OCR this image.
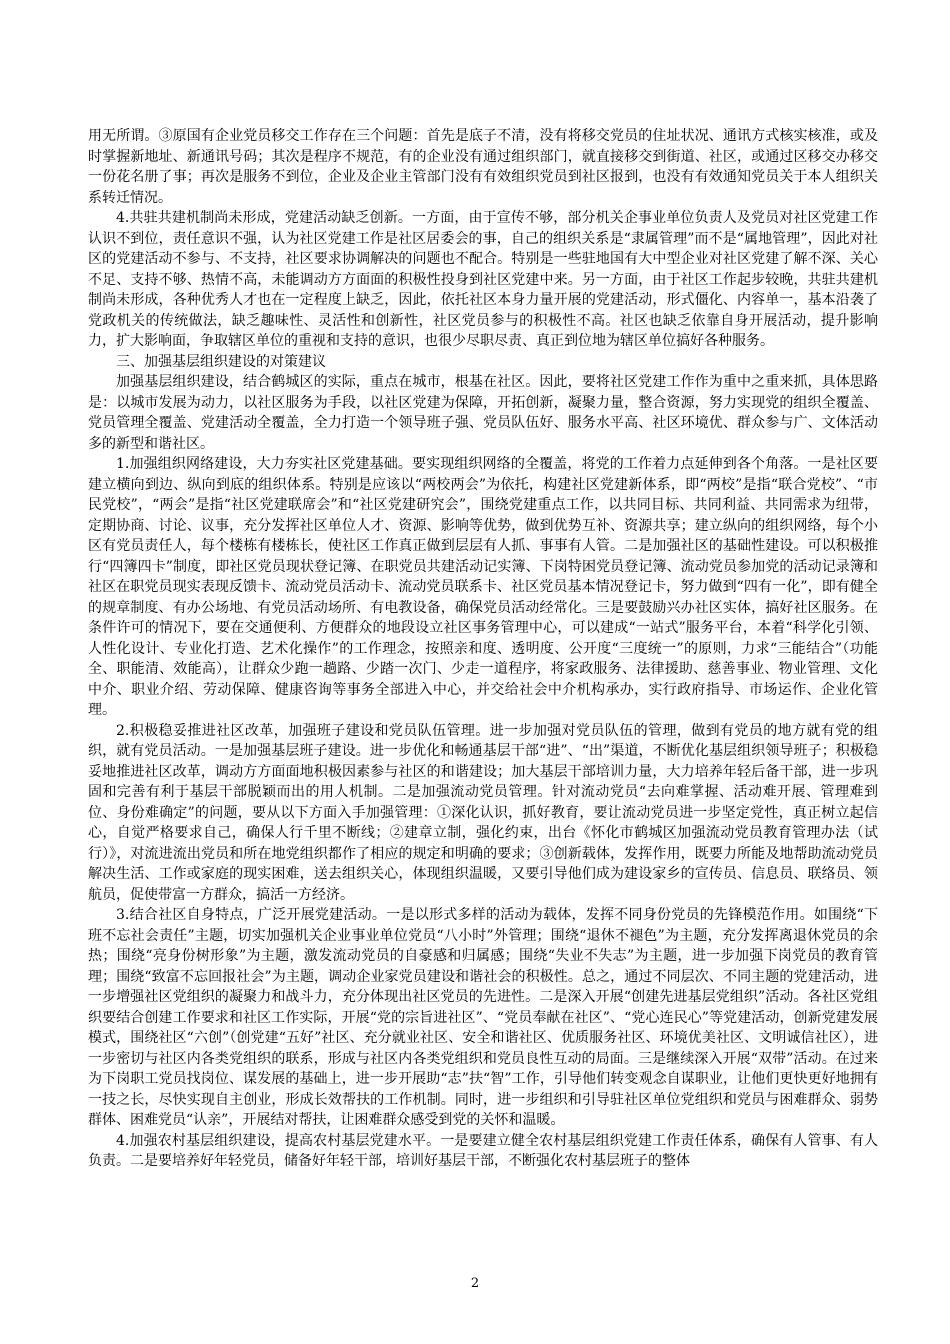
用无所谓。③原国有企业党员移交工作存在三个问题：首先是底子不清，没有将移交党员的住址状况、通讯方式核实核准，或及时掌握新地址、新通讯号码；其次是程序不规范，有的企业没有通过组织部门，就直接移交到街道、社区，或通过区移交办移交一份花名册了事；再次是服务不到位，企业及企业主管部门没有有效组织党员到社区报到，也没有有效通知党员关于本人组织关系转迁情况。

4.共驻共建机制尚未形成，党建活动缺乏创新。一方面，由于宣传不够，部分机关企事业单位负责人及党员对社区党建工作认识不到位，责任意识不强，认为社区党建工作是社区居委会的事，自己的组织关系是“隶属管理”而不是“属地管理”，因此对社区的党建活动不参与、不支持，社区要求协调解决的问题也不配合。特别是一些驻地国有大中型企业对社区党建了解不深、关心不足、支持不够、热情不高，未能调动方方面面的积极性投身到社区党建中来。另一方面，由于社区工作起步较晚，共驻共建机制尚未形成，各种优秀人才也在一定程度上缺乏，因此，依托社区本身力量开展的党建活动，形式僵化、内容单一，基本沿袭了党政机关的传统做法，缺乏趣味性、灵活性和创新性，社区党员参与的积极性不高。社区也缺乏依靠自身开展活动，提升影响力，扩大影响面，争取辖区单位的重视和支持的意识，也很少尽职尽责、真正到位地为辖区单位搞好各种服务。

三、加强基层组织建设的对策建议

加强基层组织建设，结合鹤城区的实际，重点在城市，根基在社区。因此，要将社区党建工作作为重中之重来抓，具体思路是：以城市发展为动力，以社区服务为手段，以社区党建为保障，开拓创新，凝聚力量，整合资源，努力实现党的组织全覆盖、党员管理全覆盖、党建活动全覆盖，全力打造一个领导班子强、党员队伍好、服务水平高、社区环境优、群众参与广、文体活动多的新型和谐社区。

1.加强组织网络建设，大力夯实社区党建基础。要实现组织网络的全覆盖，将党的工作着力点延伸到各个角落。一是社区要建立横向到边、纵向到底的组织体系。特别是应该以“两校两会”为依托，构建社区党建新体系，即“两校”是指“联合党校”、“市民党校”，“两会”是指“社区党建联席会”和“社区党建研究会”，围绕党建重点工作，以共同目标、共同利益、共同需求为纽带，定期协商、讨论、议事，充分发挥社区单位人才、资源、影响等优势，做到优势互补、资源共享；建立纵向的组织网络，每个小区有党员责任人，每个楼栋有楼栋长，使社区工作真正做到层层有人抓、事事有人管。二是加强社区的基础性建设。可以积极推行“四簿四卡”制度，即社区党员现状登记簿、在职党员共建活动记实簿、下岗特困党员登记簿、流动党员参加党的活动记录簿和社区在职党员现实表现反馈卡、流动党员活动卡、流动党员联系卡、社区党员基本情况登记卡，努力做到“四有一化”，即有健全的规章制度、有办公场地、有党员活动场所、有电教设备，确保党员活动经常化。三是要鼓励兴办社区实体，搞好社区服务。在条件许可的情况下，要在交通便利、方便群众的地段设立社区事务管理中心，可以建成“一站式”服务平台，本着“科学化引领、人性化设计、专业化打造、艺术化操作”的工作理念，按照亲和度、透明度、公开度“三度统一”的原则，力求“三能结合”（功能全、职能清、效能高），让群众少跑一趟路、少踏一次门、少走一道程序，将家政服务、法律援助、慈善事业、物业管理、文化中介、职业介绍、劳动保障、健康咨询等事务全部进入中心，并交给社会中介机构承办，实行政府指导、市场运作、企业化管理。

2.积极稳妥推进社区改革，加强班子建设和党员队伍管理。进一步加强对党员队伍的管理，做到有党员的地方就有党的组织，就有党员活动。一是加强基层班子建设。进一步优化和畅通基层干部“进”、“出”渠道，不断优化基层组织领导班子；积极稳妥地推进社区改革，调动方方面面地积极因素参与社区的和谐建设；加大基层干部培训力量，大力培养年轻后备干部，进一步巩固和完善有利于基层干部脱颖而出的用人机制。二是加强流动党员管理。针对流动党员“去向难掌握、活动难开展、管理难到位、身份难确定”的问题，要从以下方面入手加强管理：①深化认识，抓好教育，要让流动党员进一步坚定党性，真正树立起信心，自觉严格要求自己，确保人行千里不断线；②建章立制，强化约束，出台《怀化市鹤城区加强流动党员教育管理办法（试行）》，对流进流出党员和所在地党组织都作了相应的规定和明确的要求；③创新载体，发挥作用，既要力所能及地帮助流动党员解决生活、工作或家庭的现实困难，送去组织关心，体现组织温暖，又要引导他们成为建设家乡的宣传员、信息员、联络员、领航员，促使带富一方群众，搞活一方经济。

3.结合社区自身特点，广泛开展党建活动。一是以形式多样的活动为载体，发挥不同身份党员的先锋模范作用。如围绕“下班不忘社会责任”主题，切实加强机关企业事业单位党员“八小时”外管理；围绕“退休不褪色”为主题，充分发挥离退休党员的余热；围绕“亮身份树形象”为主题，激发流动党员的自豪感和归属感；围绕“失业不失志”为主题，进一步加强下岗党员的教育管理；围绕“致富不忘回报社会”为主题，调动企业家党员建设和谐社会的积极性。总之，通过不同层次、不同主题的党建活动，进一步增强社区党组织的凝聚力和战斗力，充分体现出社区党员的先进性。二是深入开展“创建先进基层党组织”活动。各社区党组织要结合创建工作要求和社区工作实际，开展“党的宗旨进社区”、“党员奉献在社区”、“党心连民心”等党建活动，创新党建发展模式，围绕社区“六创”（创党建“五好”社区、充分就业社区、安全和谐社区、优质服务社区、环境优美社区、文明诚信社区），进一步密切与社区内各类党组织的联系，形成与社区内各类党组织和党员良性互动的局面。三是继续深入开展“双带”活动。在过来为下岗职工党员找岗位、谋发展的基础上，进一步开展助“志”扶“智”工作，引导他们转变观念自谋职业，让他们更快更好地拥有一技之长，尽快实现自主创业，形成长效帮扶的工作机制。同时，进一步组织和引导驻社区单位党组织和党员与困难群众、弱势群体、困难党员“认亲”，开展结对帮扶，让困难群众感受到党的关怀和温暖。

4.加强农村基层组织建设，提高农村基层党建水平。一是要建立健全农村基层组织党建工作责任体系，确保有人管事、有人负责。二是要培养好年轻党员，储备好年轻干部，培训好基层干部，不断强化农村基层班子的整体

2
